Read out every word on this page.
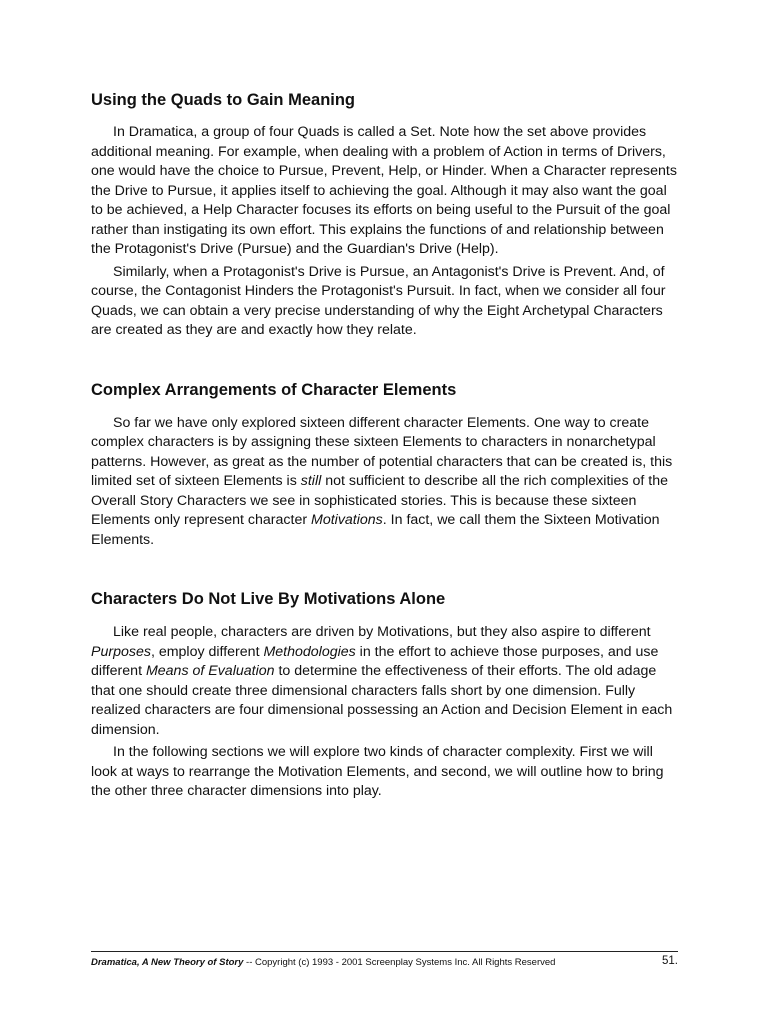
Using the Quads to Gain Meaning

In Dramatica, a group of four Quads is called a Set. Note how the set above provides additional meaning. For example, when dealing with a problem of Action in terms of Drivers, one would have the choice to Pursue, Prevent, Help, or Hinder. When a Character represents the Drive to Pursue, it applies itself to achieving the goal. Although it may also want the goal to be achieved, a Help Character focuses its efforts on being useful to the Pursuit of the goal rather than instigating its own effort. This explains the functions of and relationship between the Protagonist's Drive (Pursue) and the Guardian's Drive (Help).

Similarly, when a Protagonist's Drive is Pursue, an Antagonist's Drive is Prevent. And, of course, the Contagonist Hinders the Protagonist's Pursuit. In fact, when we consider all four Quads, we can obtain a very precise understanding of why the Eight Archetypal Characters are created as they are and exactly how they relate.

Complex Arrangements of Character Elements

So far we have only explored sixteen different character Elements. One way to create complex characters is by assigning these sixteen Elements to characters in nonarchetypal patterns. However, as great as the number of potential characters that can be created is, this limited set of sixteen Elements is still not sufficient to describe all the rich complexities of the Overall Story Characters we see in sophisticated stories. This is because these sixteen Elements only represent character Motivations. In fact, we call them the Sixteen Motivation Elements.

Characters Do Not Live By Motivations Alone

Like real people, characters are driven by Motivations, but they also aspire to different Purposes, employ different Methodologies in the effort to achieve those purposes, and use different Means of Evaluation to determine the effectiveness of their efforts. The old adage that one should create three dimensional characters falls short by one dimension. Fully realized characters are four dimensional possessing an Action and Decision Element in each dimension.

In the following sections we will explore two kinds of character complexity. First we will look at ways to rearrange the Motivation Elements, and second, we will outline how to bring the other three character dimensions into play.

Dramatica, A New Theory of Story -- Copyright (c) 1993 - 2001 Screenplay Systems Inc. All Rights Reserved	51.
